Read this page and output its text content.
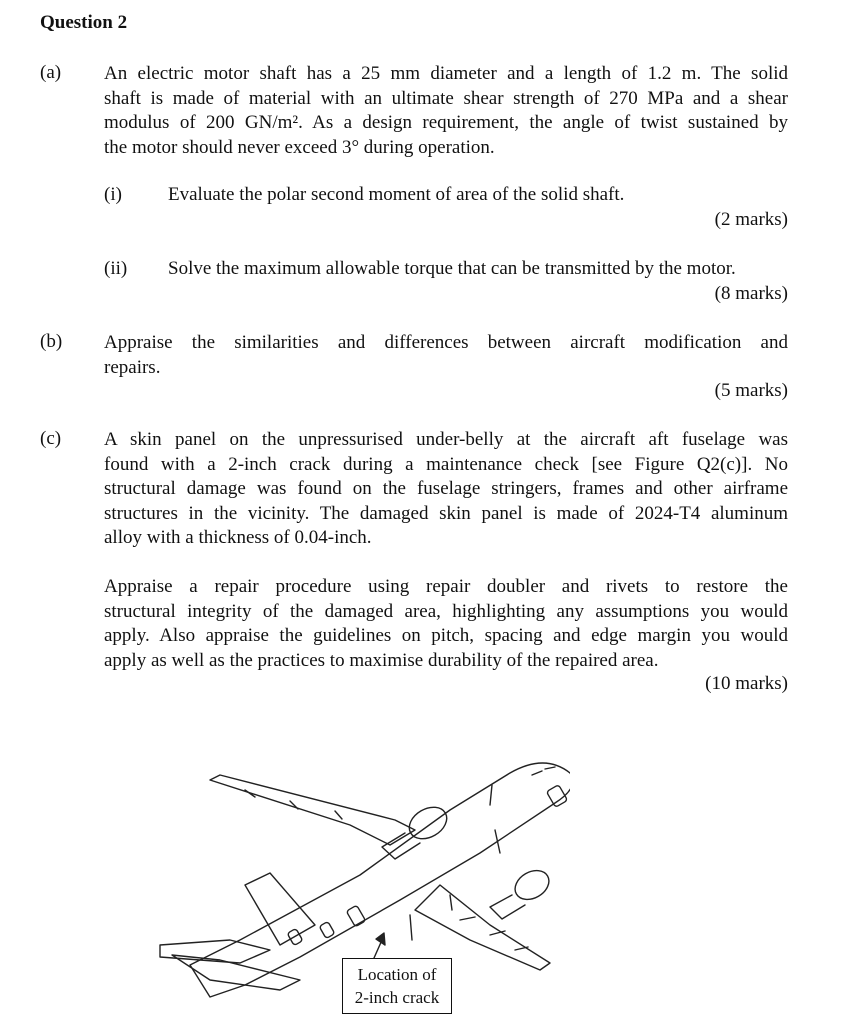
Question 2
(a) An electric motor shaft has a 25 mm diameter and a length of 1.2 m. The solid
shaft is made of material with an ultimate shear strength of 270 MPa and a shear
modulus of 200 GN/m². As a design requirement, the angle of twist sustained by
the motor should never exceed 3° during operation.
(i) Evaluate the polar second moment of area of the solid shaft.
(2 marks)
(ii) Solve the maximum allowable torque that can be transmitted by the motor.
(8 marks)
(b) Appraise the similarities and differences between aircraft modification and
repairs.
(5 marks)
(c) A skin panel on the unpressurised under-belly at the aircraft aft fuselage was
found with a 2-inch crack during a maintenance check [see Figure Q2(c)]. No
structural damage was found on the fuselage stringers, frames and other airframe
structures in the vicinity. The damaged skin panel is made of 2024-T4 aluminum
alloy with a thickness of 0.04-inch.
Appraise a repair procedure using repair doubler and rivets to restore the
structural integrity of the damaged area, highlighting any assumptions you would
apply. Also appraise the guidelines on pitch, spacing and edge margin you would
apply as well as the practices to maximise durability of the repaired area.
(10 marks)
Location of
2-inch crack
